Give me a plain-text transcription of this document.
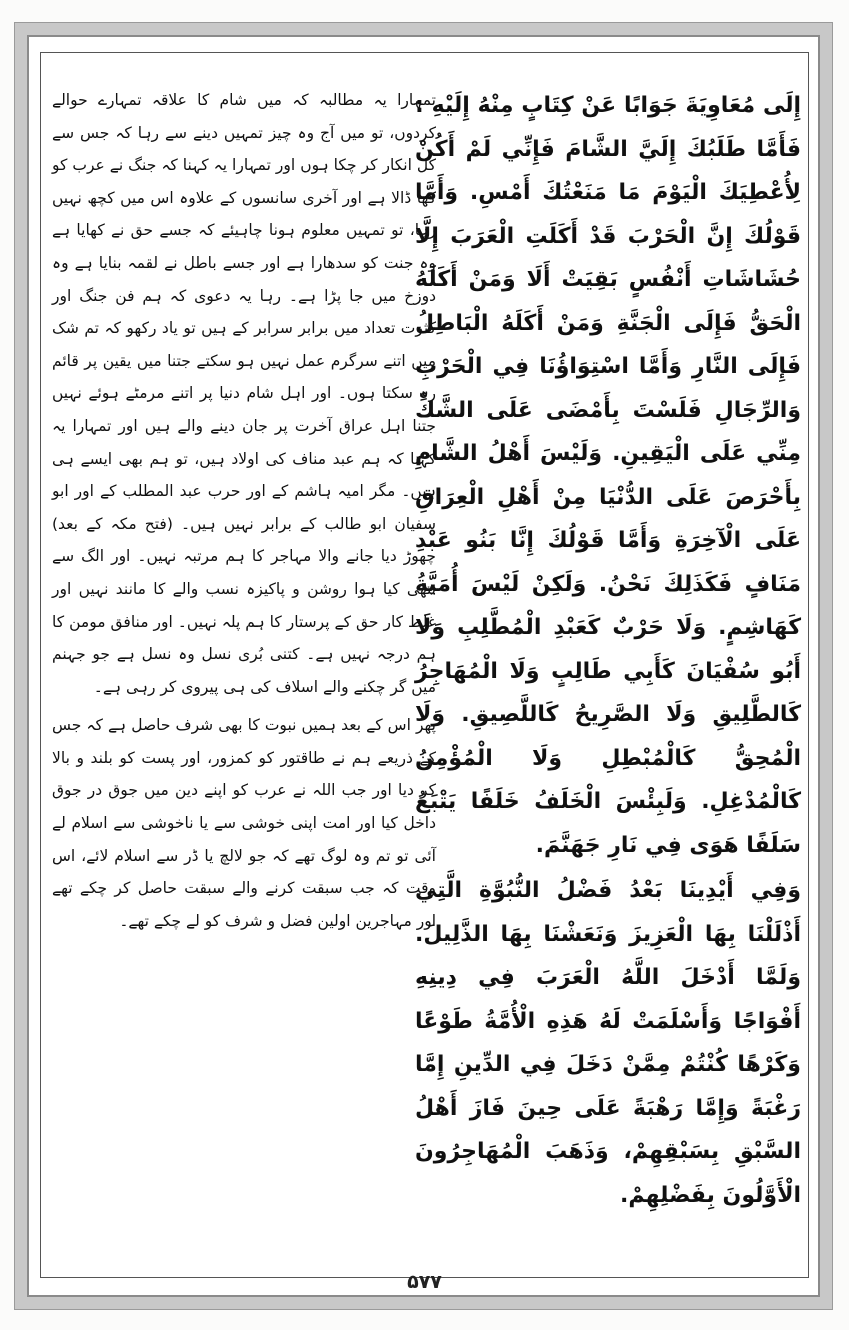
إِلَى مُعَاوِيَةَ جَوَابًا عَنْ كِتَابٍ مِنْهُ إِلَيْهِ : فَأَمَّا طَلَبُكَ إِلَيَّ الشَّامَ فَإِنِّي لَمْ أَكُنْ لِأُعْطِيَكَ الْيَوْمَ مَا مَنَعْتُكَ أَمْسِ. وَأَمَّا قَوْلُكَ إِنَّ الْحَرْبَ قَدْ أَكَلَتِ الْعَرَبَ إِلَّا حُشَاشَاتِ أَنْفُسٍ بَقِيَتْ أَلَا وَمَنْ أَكَلَهُ الْحَقُّ فَإِلَى الْجَنَّةِ وَمَنْ أَكَلَهُ الْبَاطِلُ فَإِلَى النَّارِ وَأَمَّا اسْتِوَاؤُنَا فِي الْحَرْبِ وَالرِّجَالِ فَلَسْتَ بِأَمْضَى عَلَى الشَّكِّ مِنِّي عَلَى الْيَقِينِ. وَلَيْسَ أَهْلُ الشَّامِ بِأَحْرَصَ عَلَى الدُّنْيَا مِنْ أَهْلِ الْعِرَاقِ عَلَى الْآخِرَةِ وَأَمَّا قَوْلُكَ إِنَّا بَنُو عَبْدِ مَنَافٍ فَكَذَلِكَ نَحْنُ. وَلَكِنْ لَيْسَ أُمَيَّةُ كَهَاشِمٍ. وَلَا حَرْبٌ كَعَبْدِ الْمُطَّلِبِ وَلَا أَبُو سُفْيَانَ كَأَبِي طَالِبٍ وَلَا الْمُهَاجِرُ كَالطَّلِيقِ وَلَا الصَّرِيحُ كَاللَّصِيقِ. وَلَا الْمُحِقُّ كَالْمُبْطِلِ وَلَا الْمُؤْمِنُ كَالْمُدْغِلِ. وَلَبِئْسَ الْخَلَفُ خَلَفًا يَتْبَعُ سَلَفًا هَوَى فِي نَارِ جَهَنَّمَ.

وَفِي أَيْدِينَا بَعْدُ فَضْلُ النُّبُوَّةِ الَّتِي أَذْلَلْنَا بِهَا الْعَزِيزَ وَنَعَشْنَا بِهَا الذَّلِيلَ. وَلَمَّا أَدْخَلَ اللَّهُ الْعَرَبَ فِي دِينِهِ أَفْوَاجًا وَأَسْلَمَتْ لَهُ هَذِهِ الْأُمَّةُ طَوْعًا وَكَرْهًا كُنْتُمْ مِمَّنْ دَخَلَ فِي الدِّينِ إِمَّا رَغْبَةً وَإِمَّا رَهْبَةً عَلَى حِينَ فَازَ أَهْلُ السَّبْقِ بِسَبْقِهِمْ، وَذَهَبَ الْمُهَاجِرُونَ الْأَوَّلُونَ بِفَضْلِهِمْ.

تمہارا یہ مطالبہ کہ میں شام کا علاقہ تمہارے حوالے کردوں، تو میں آج وہ چیز تمہیں دینے سے رہا کہ جس سے کل انکار کر چکا ہوں اور تمہارا یہ کہنا کہ جنگ نے عرب کو کھا ڈالا ہے اور آخری سانسوں کے علاوہ اس میں کچھ نہیں رہا، تو تمہیں معلوم ہونا چاہیئے کہ جسے حق نے کھایا ہے وہ جنت کو سدھارا ہے اور جسے باطل نے لقمہ بنایا ہے وہ دوزخ میں جا پڑا ہے۔ رہا یہ دعوی کہ ہم فن جنگ اور کثرت تعداد میں برابر سرابر کے ہیں تو یاد رکھو کہ تم شک میں اتنے سرگرم عمل نہیں ہو سکتے جتنا میں یقین پر قائم رہ سکتا ہوں۔ اور اہل شام دنیا پر اتنے مرمٹے ہوئے نہیں جتنا اہل عراق آخرت پر جان دینے والے ہیں اور تمہارا یہ کہنا کہ ہم عبد مناف کی اولاد ہیں، تو ہم بھی ایسے ہی ہیں۔ مگر امیہ ہاشم کے اور حرب عبد المطلب کے اور ابو سفیان ابو طالب کے برابر نہیں ہیں۔ (فتح مکہ کے بعد) چھوڑ دیا جانے والا مہاجر کا ہم مرتبہ نہیں۔ اور الگ سے نتھی کیا ہوا روشن و پاکیزہ نسب والے کا مانند نہیں اور غلط کار حق کے پرستار کا ہم پلہ نہیں۔ اور منافق مومن کا ہم درجہ نہیں ہے۔ کتنی بُری نسل وہ نسل ہے جو جہنم میں گر چکنے والے اسلاف کی ہی پیروی کر رہی ہے۔

پھر اس کے بعد ہمیں نبوت کا بھی شرف حاصل ہے کہ جس کے ذریعے ہم نے طاقتور کو کمزور، اور پست کو بلند و بالا کر دیا اور جب اللہ نے عرب کو اپنے دین میں جوق در جوق داخل کیا اور امت اپنی خوشی سے یا ناخوشی سے اسلام لے آئی تو تم وہ لوگ تھے کہ جو لالچ یا ڈر سے اسلام لائے، اس وقت کہ جب سبقت کرنے والے سبقت حاصل کر چکے تھے اور مہاجرین اولین فضل و شرف کو لے چکے تھے۔

۵۷۷
